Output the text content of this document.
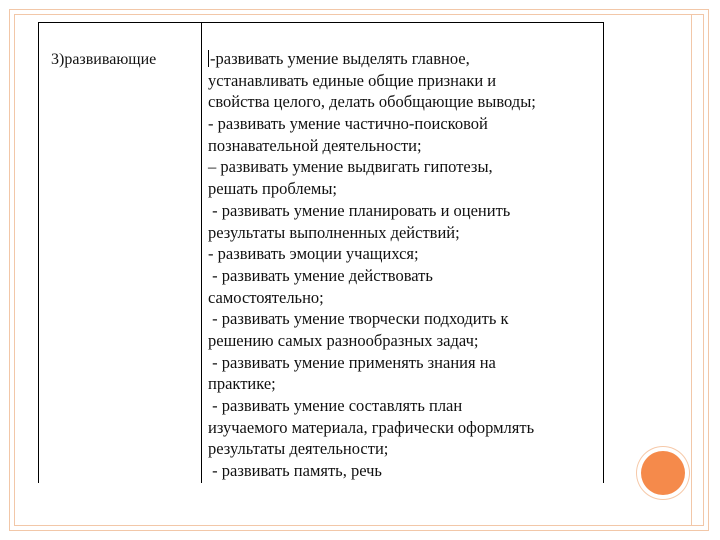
3)развивающие	-развивать умение выделять главное,
устанавливать единые общие признаки и
свойства целого, делать обобщающие выводы;
- развивать умение частично-поисковой
познавательной деятельности;
– развивать умение выдвигать гипотезы,
решать проблемы;
- развивать умение планировать и оценить
результаты выполненных действий;
- развивать эмоции учащихся;
- развивать умение действовать
самостоятельно;
- развивать умение творчески подходить к
решению самых разнообразных задач;
- развивать умение применять знания на
практике;
- развивать умение составлять план
изучаемого материала, графически оформлять
результаты деятельности;
- развивать память, речь
